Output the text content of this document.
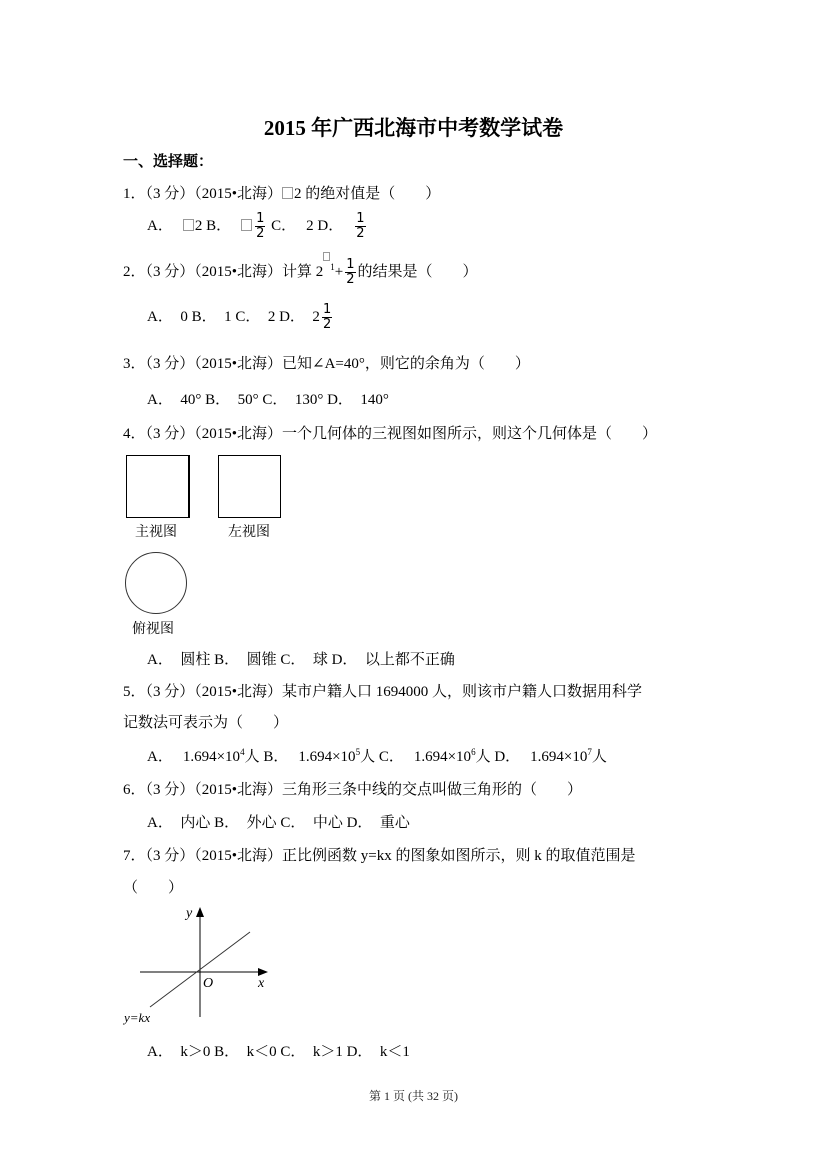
2015 年广西北海市中考数学试卷
一、选择题：
1．（3 分）（2015•北海） 2 的绝对值是（　　）
A． 2 B． $\frac{1}{2}$ C． 2 D． $\frac{1}{2}$
2．（3 分）（2015•北海）计算 2 $^1+ \frac{1}{2}$ 的结果是（　　）
A．　0 B．　1 C．　2 D．　$2 \frac{1}{2}$
3．（3 分）（2015•北海）已知∠A=40°，则它的余角为（　　）
A．　40° B．　50° C．　130° D．　140°
4．（3 分）（2015•北海）一个几何体的三视图如图所示，则这个几何体是（　　）
主视图	左视图
俯视图
A．　圆柱 B．　圆锥 C．　球 D．　以上都不正确
5．（3 分）（2015•北海）某市户籍人口 1694000 人，则该市户籍人口数据用科学
记数法可表示为（　　）
A． $1.694\times 10^4$人 B． $1.694\times 10^5$人 C． $1.694\times 10^6$人 D． $1.694\times 10^7$人
6．（3 分）（2015•北海）三角形三条中线的交点叫做三角形的（　　）
A．　内心 B．　外心 C．　中心 D．　重心
7．（3 分）（2015•北海）正比例函数 y=kx 的图象如图所示，则 k 的取值范围是
（　　）
y
O	x
y=kx
A．　k＞0 B．　k＜0 C．　k＞1 D．　k＜1
第 1 页 (共 32 页)
